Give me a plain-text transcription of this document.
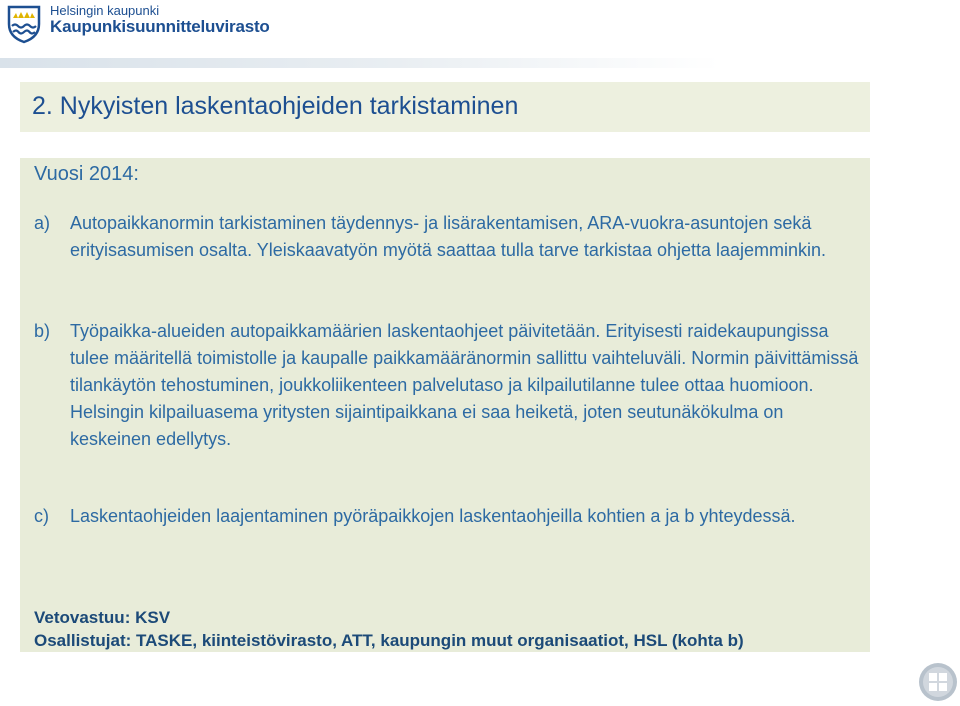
Helsingin kaupunki
Kaupunkisuunnitteluvirasto
2. Nykyisten laskentaohjeiden tarkistaminen
Vuosi 2014:
a) Autopaikkanormin tarkistaminen täydennys- ja lisärakentamisen, ARA-vuokra-asuntojen sekä erityisasumisen osalta. Yleiskaavatyön myötä saattaa tulla tarve tarkistaa ohjetta laajemminkin.
b) Työpaikka-alueiden autopaikkamäärien laskentaohjeet päivitetään. Erityisesti raidekaupungissa tulee määritellä toimistolle ja kaupalle paikkamääränormin sallittu vaihteluväli. Normin päivittämissä tilankäytön tehostuminen, joukkoliikenteen palvelutaso ja kilpailutilanne tulee ottaa huomioon. Helsingin kilpailuasema yritysten sijaintipaikkana ei saa heiketä, joten seutunäkökulma on keskeinen edellytys.
c) Laskentaohjeiden laajentaminen pyöräpaikkojen laskentaohjeilla kohtien a ja b yhteydessä.
Vetovastuu: KSV
Osallistujat: TASKE, kiinteistövirasto, ATT, kaupungin muut organisaatiot, HSL (kohta b)
